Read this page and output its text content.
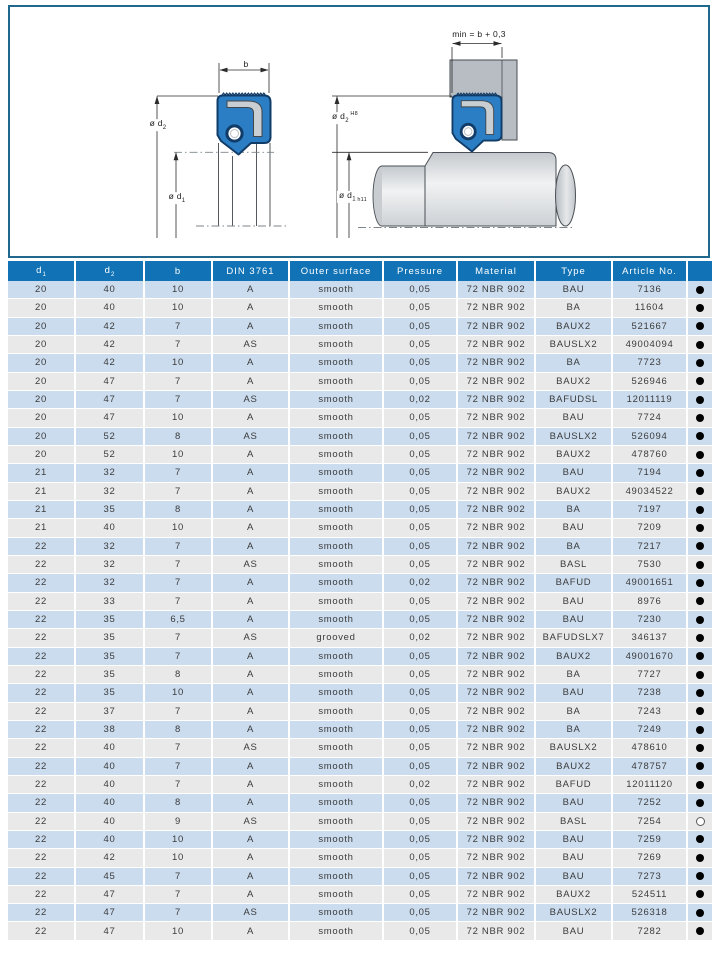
b
ø $d_2$
ø $d_1$
min = b + 0,3
ø $d_2^{H8}$
ø $d_1$ $_{h11}$
$d_1$	$d_2$	b	DIN 3761	Outer surface	Pressure	Material	Type	Article No.	
20	40	10	A	smooth	0,05	72 NBR 902	BAU	7136	
20	40	10	A	smooth	0,05	72 NBR 902	BA	11604	
20	42	7	A	smooth	0,05	72 NBR 902	BAUX2	521667	
20	42	7	AS	smooth	0,05	72 NBR 902	BAUSLX2	49004094	
20	42	10	A	smooth	0,05	72 NBR 902	BA	7723	
20	47	7	A	smooth	0,05	72 NBR 902	BAUX2	526946	
20	47	7	AS	smooth	0,02	72 NBR 902	BAFUDSL	12011119	
20	47	10	A	smooth	0,05	72 NBR 902	BAU	7724	
20	52	8	AS	smooth	0,05	72 NBR 902	BAUSLX2	526094	
20	52	10	A	smooth	0,05	72 NBR 902	BAUX2	478760	
21	32	7	A	smooth	0,05	72 NBR 902	BAU	7194	
21	32	7	A	smooth	0,05	72 NBR 902	BAUX2	49034522	
21	35	8	A	smooth	0,05	72 NBR 902	BA	7197	
21	40	10	A	smooth	0,05	72 NBR 902	BAU	7209	
22	32	7	A	smooth	0,05	72 NBR 902	BA	7217	
22	32	7	AS	smooth	0,05	72 NBR 902	BASL	7530	
22	32	7	A	smooth	0,02	72 NBR 902	BAFUD	49001651	
22	33	7	A	smooth	0,05	72 NBR 902	BAU	8976	
22	35	6,5	A	smooth	0,05	72 NBR 902	BAU	7230	
22	35	7	AS	grooved	0,02	72 NBR 902	BAFUDSLX7	346137	
22	35	7	A	smooth	0,05	72 NBR 902	BAUX2	49001670	
22	35	8	A	smooth	0,05	72 NBR 902	BA	7727	
22	35	10	A	smooth	0,05	72 NBR 902	BAU	7238	
22	37	7	A	smooth	0,05	72 NBR 902	BA	7243	
22	38	8	A	smooth	0,05	72 NBR 902	BA	7249	
22	40	7	AS	smooth	0,05	72 NBR 902	BAUSLX2	478610	
22	40	7	A	smooth	0,05	72 NBR 902	BAUX2	478757	
22	40	7	A	smooth	0,02	72 NBR 902	BAFUD	12011120	
22	40	8	A	smooth	0,05	72 NBR 902	BAU	7252	
22	40	9	AS	smooth	0,05	72 NBR 902	BASL	7254	
22	40	10	A	smooth	0,05	72 NBR 902	BAU	7259	
22	42	10	A	smooth	0,05	72 NBR 902	BAU	7269	
22	45	7	A	smooth	0,05	72 NBR 902	BAU	7273	
22	47	7	A	smooth	0,05	72 NBR 902	BAUX2	524511	
22	47	7	AS	smooth	0,05	72 NBR 902	BAUSLX2	526318	
22	47	10	A	smooth	0,05	72 NBR 902	BAU	7282	
